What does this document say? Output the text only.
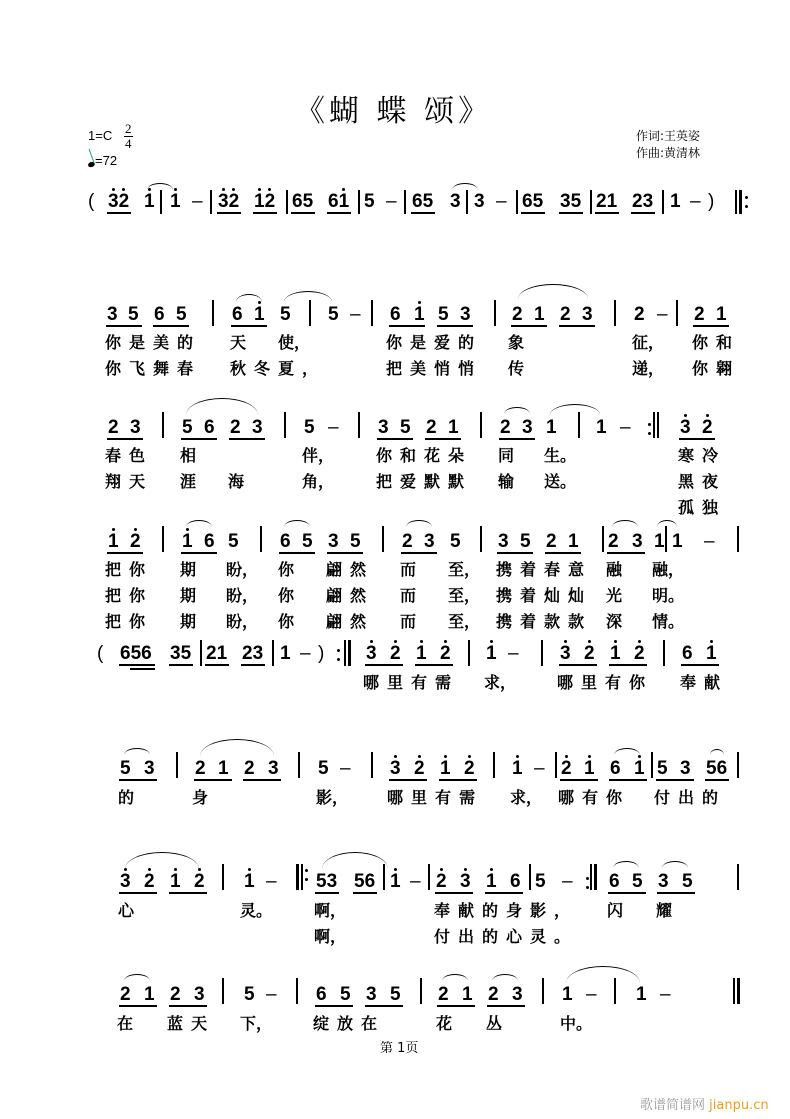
《蝴 蝶 颂》
1=C 2
4
=72
作词:王英姿
作曲:黄清林
( 32 1 1 – 32 12 65 61 5 – 65 3 3 – 65 35 21 23 1 – )
3 5 6 5 6 1 5 5 – 6 1 5 3 2 1 2 3 2 – 2 1
你是美的 天 使，	你是爱的 象	征， 你和
你飞舞春 秋冬夏，	把美悄悄 传	递， 你翱
2 3 5 6 2 3 5 – 3 5 2 1 2 3 1 1 –	3 2
春色 相	伴，	你和花朵 同 生。	寒冷
翔天 涯 海	角，	把爱默默 输 送。	黑夜
孤独
1 2 1 6 5 6 5 3 5 2 3 5 3 5 2 1 2 3 1 1 –
把你 期 盼， 你 翩然 而 至， 携着春意 融 融，
把你 期 盼， 你 翩然 而 至， 携着灿灿 光 明。
把你 期 盼， 你 翩然 而 至， 携着款款 深 情。
( 656 35 21 23 1 – ) 3 2 1 2 1 – 3 2 1 2 6 1
哪里有需 求，	哪里有你 奉献
5 3 2 1 2 3 5 – 3 2 1 2 1 – 2 1 6 1 5 3 56
的	身	影， 哪里有需 求， 哪有你 付出的
3 2 1 2 1 – 53 56 1 – 2 3 1 6 5 – 6 5 3 5
心	灵。	啊，	奉献的身影， 闪 耀
啊，	付出的心灵。
2 1 2 3 5 – 6 5 3 5 2 1 2 3 1 – 1 –
在 蓝天 下，	绽放在	花 丛	中。
第 1页
歌谱简谱网 jianpu.cn
